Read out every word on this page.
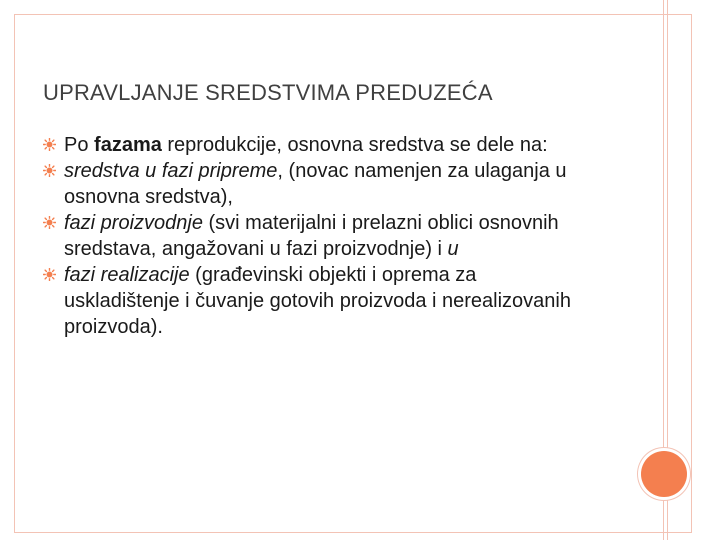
UPRAVLJANJE SREDSTVIMA PREDUZEĆA
Po fazama reprodukcije, osnovna sredstva se dele na:
sredstva u fazi pripreme, (novac namenjen za ulaganja u osnovna sredstva),
fazi proizvodnje (svi materijalni i prelazni oblici osnovnih sredstava, angažovani u fazi proizvodnje) i u
fazi realizacije (građevinski objekti i oprema za uskladištenje i čuvanje gotovih proizvoda i nerealizovanih proizvoda).
